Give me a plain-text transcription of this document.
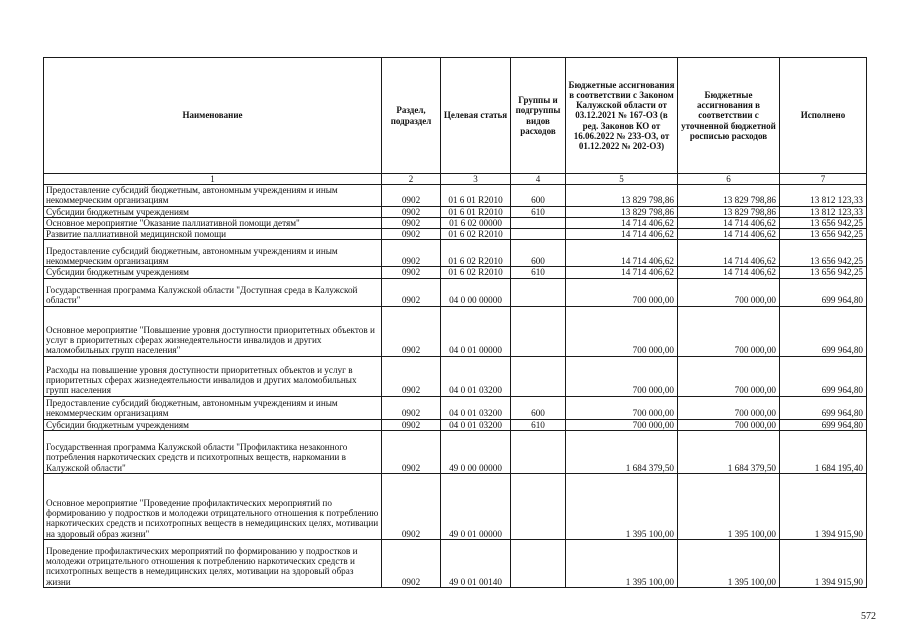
Наименование	Раздел, подраздел	Целевая статья	Группы и подгруппы видов расходов	Бюджетные ассигнования в соответствии с Законом Калужской области от 03.12.2021 № 167-ОЗ (в ред. Законов КО от 16.06.2022 № 233-ОЗ, от 01.12.2022 № 202-ОЗ)	Бюджетные ассигнования в соответствии с уточненной бюджетной росписью расходов	Исполнено
1	2	3	4	5	6	7
Предоставление субсидий бюджетным, автономным учреждениям и иным некоммерческим организациям	0902	01 6 01 R2010	600	13 829 798,86	13 829 798,86	13 812 123,33
Субсидии бюджетным учреждениям	0902	01 6 01 R2010	610	13 829 798,86	13 829 798,86	13 812 123,33
Основное мероприятие "Оказание паллиативной помощи детям"	0902	01 6 02 00000		14 714 406,62	14 714 406,62	13 656 942,25
Развитие паллиативной медицинской помощи	0902	01 6 02 R2010		14 714 406,62	14 714 406,62	13 656 942,25
Предоставление субсидий бюджетным, автономным учреждениям и иным некоммерческим организациям	0902	01 6 02 R2010	600	14 714 406,62	14 714 406,62	13 656 942,25
Субсидии бюджетным учреждениям	0902	01 6 02 R2010	610	14 714 406,62	14 714 406,62	13 656 942,25
Государственная программа Калужской области "Доступная среда в Калужской области"	0902	04 0 00 00000		700 000,00	700 000,00	699 964,80
Основное мероприятие "Повышение уровня доступности приоритетных объектов и услуг в приоритетных сферах жизнедеятельности инвалидов и других маломобильных групп населения"	0902	04 0 01 00000		700 000,00	700 000,00	699 964,80
Расходы на повышение уровня доступности приоритетных объектов и услуг в приоритетных сферах жизнедеятельности инвалидов и других маломобильных групп населения	0902	04 0 01 03200		700 000,00	700 000,00	699 964,80
Предоставление субсидий бюджетным, автономным учреждениям и иным некоммерческим организациям	0902	04 0 01 03200	600	700 000,00	700 000,00	699 964,80
Субсидии бюджетным учреждениям	0902	04 0 01 03200	610	700 000,00	700 000,00	699 964,80
Государственная программа Калужской области "Профилактика незаконного потребления наркотических средств и психотропных веществ, наркомании в Калужской области"	0902	49 0 00 00000		1 684 379,50	1 684 379,50	1 684 195,40
Основное мероприятие "Проведение профилактических мероприятий по формированию у подростков и молодежи отрицательного отношения к потреблению наркотических средств и психотропных веществ в немедицинских целях, мотивации на здоровый образ жизни"	0902	49 0 01 00000		1 395 100,00	1 395 100,00	1 394 915,90
Проведение профилактических мероприятий по формированию у подростков и молодежи отрицательного отношения к потреблению наркотических средств и психотропных веществ в немедицинских целях, мотивации на здоровый образ жизни	0902	49 0 01 00140		1 395 100,00	1 395 100,00	1 394 915,90
572
